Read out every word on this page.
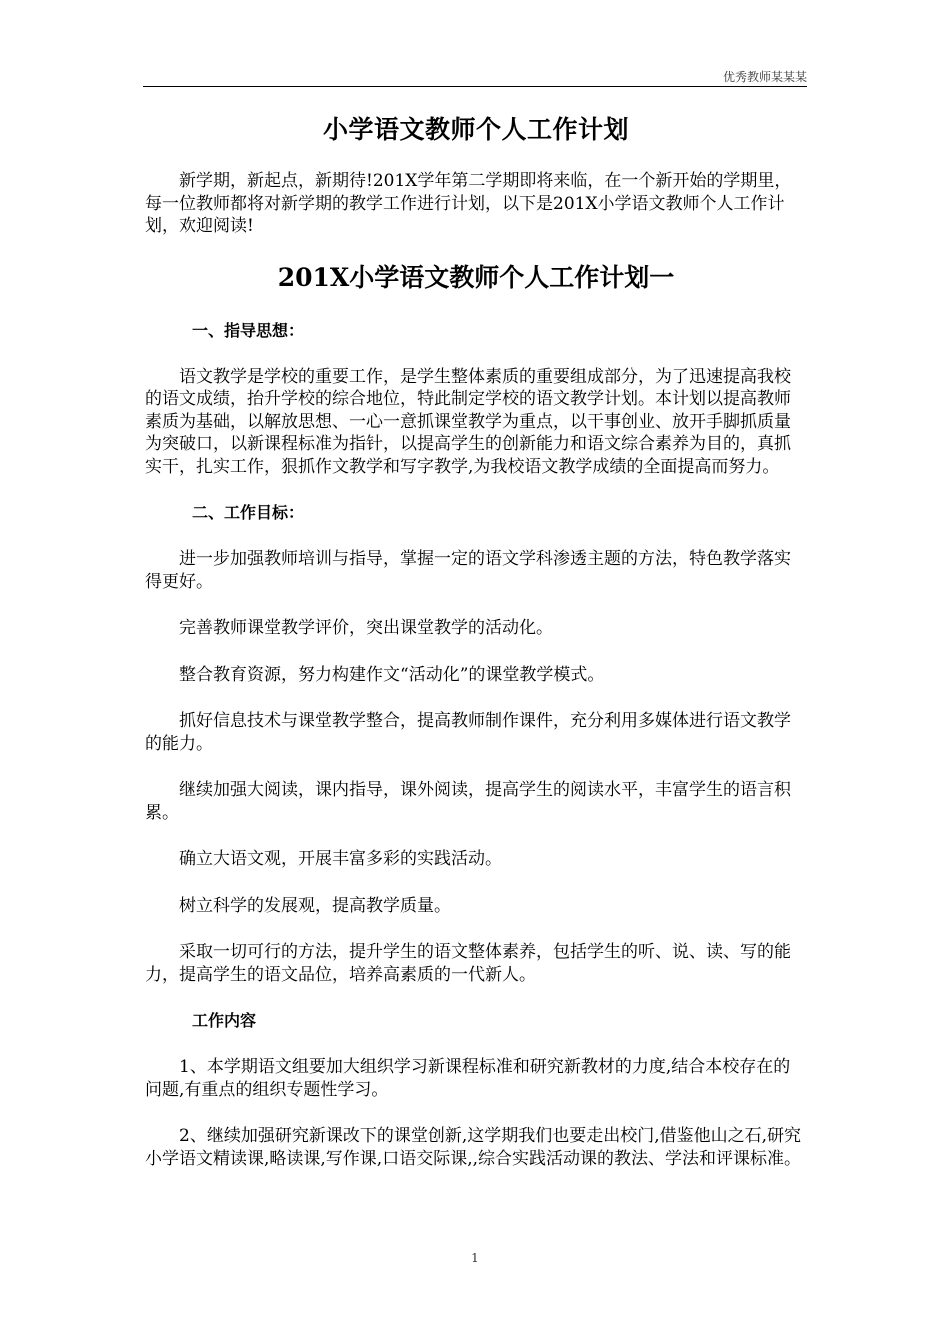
优秀教师某某某
小学语文教师个人工作计划

新学期，新起点，新期待!201X学年第二学期即将来临，在一个新开始的学期里，每一位教师都将对新学期的教学工作进行计划，以下是201X小学语文教师个人工作计划，欢迎阅读!

201X小学语文教师个人工作计划一
一、指导思想：

语文教学是学校的重要工作，是学生整体素质的重要组成部分，为了迅速提高我校的语文成绩，抬升学校的综合地位，特此制定学校的语文教学计划。本计划以提高教师素质为基础，以解放思想、一心一意抓课堂教学为重点，以干事创业、放开手脚抓质量为突破口，以新课程标准为指针，以提高学生的创新能力和语文综合素养为目的，真抓实干，扎实工作，狠抓作文教学和写字教学,为我校语文教学成绩的全面提高而努力。

二、工作目标：

进一步加强教师培训与指导，掌握一定的语文学科渗透主题的方法，特色教学落实得更好。

完善教师课堂教学评价，突出课堂教学的活动化。

整合教育资源，努力构建作文“活动化”的课堂教学模式。

抓好信息技术与课堂教学整合，提高教师制作课件，充分利用多媒体进行语文教学的能力。

继续加强大阅读，课内指导，课外阅读，提高学生的阅读水平，丰富学生的语言积累。

确立大语文观，开展丰富多彩的实践活动。

树立科学的发展观，提高教学质量。

采取一切可行的方法，提升学生的语文整体素养，包括学生的听、说、读、写的能力，提高学生的语文品位，培养高素质的一代新人。

工作内容

1、本学期语文组要加大组织学习新课程标准和研究新教材的力度,结合本校存在的问题,有重点的组织专题性学习。

2、继续加强研究新课改下的课堂创新,这学期我们也要走出校门,借鉴他山之石,研究小学语文精读课,略读课,写作课,口语交际课,,综合实践活动课的教法、学法和评课标准。

1
